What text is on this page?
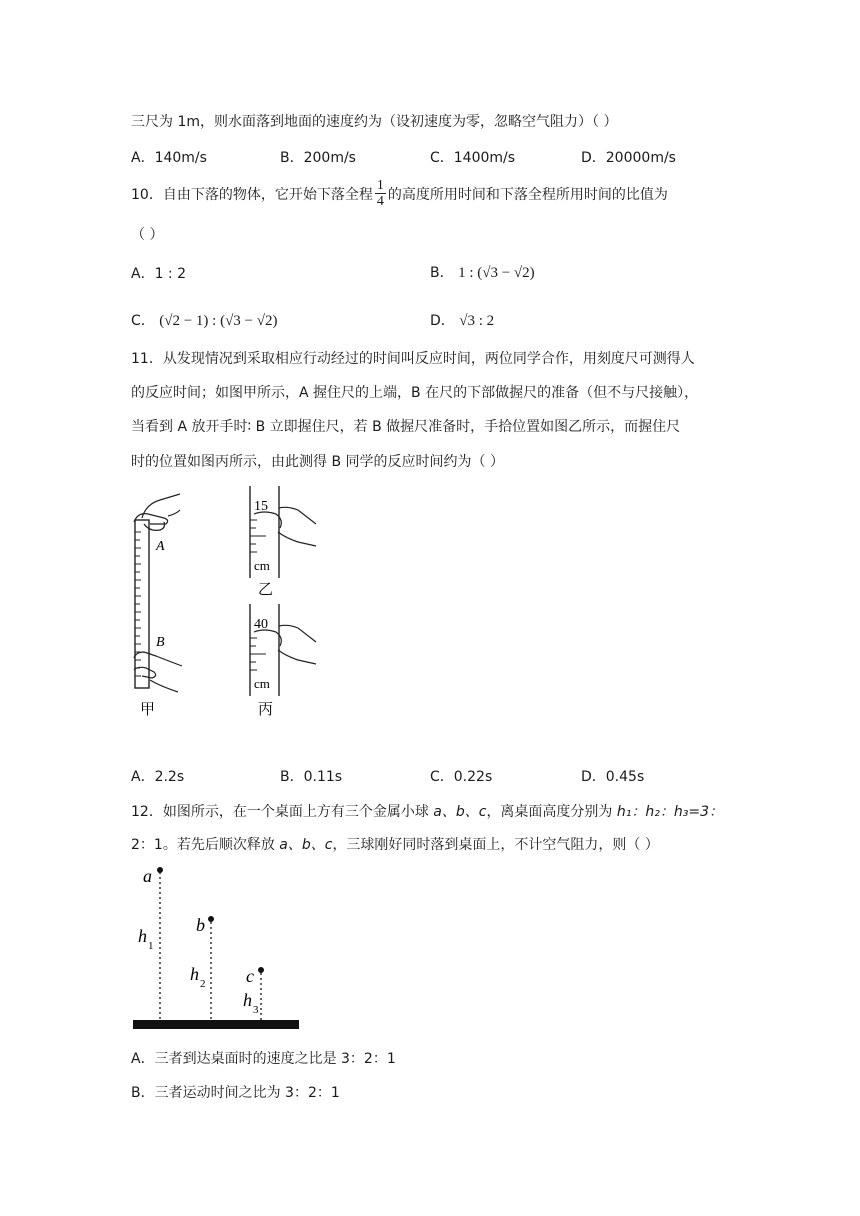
三尺为 1m，则水面落到地面的速度约为（设初速度为零，忽略空气阻力）（ ）
A．140m/s	B．200m/s	C．1400m/s	D．20000m/s
10．自由下落的物体，它开始下落全程 $\frac{1}{4}$ 的高度所用时间和下落全程所用时间的比值为
（ ）
A．1 : 2	B． 1 : (√3 − √2)
C． (√2 − 1) : (√3 − √2)	D． √3 : 2
11．从发现情况到采取相应行动经过的时间叫反应时间，两位同学合作，用刻度尺可测得人
的反应时间；如图甲所示，A 握住尺的上端，B 在尺的下部做握尺的准备（但不与尺接触），
当看到 A 放开手时∶ B 立即握住尺，若 B 做握尺准备时，手拾位置如图乙所示，而握住尺
时的位置如图丙所示，由此测得 B 同学的反应时间约为（ ）
A
B
甲
15
cm
乙
40
cm
丙
A．2.2s	B．0.11s	C．0.22s	D．0.45s
12．如图所示，在一个桌面上方有三个金属小球 a、b、c，离桌面高度分别为 h₁：h₂：h₃=3：
2：1。若先后顺次释放 a、b、c，三球刚好同时落到桌面上，不计空气阻力，则（ ）
a
b
c
h 1
h 2
h 3
A．三者到达桌面时的速度之比是 3：2：1
B．三者运动时间之比为 3：2：1
